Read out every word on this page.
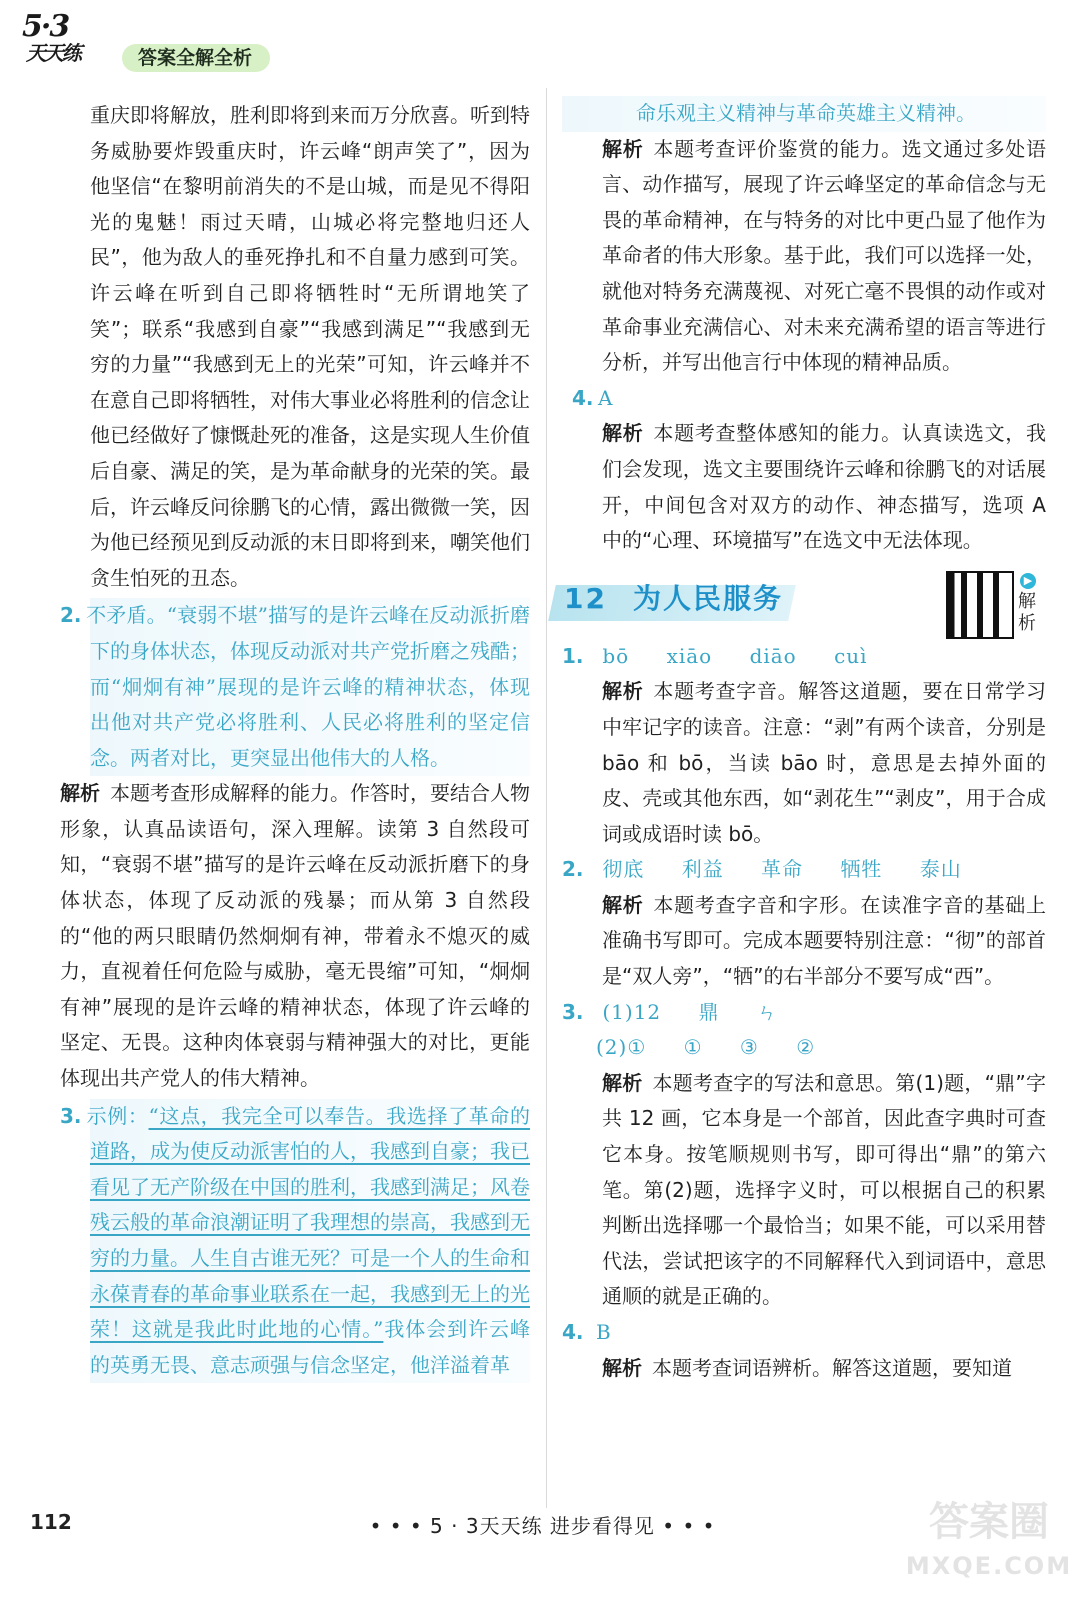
5·3
天天练	答案全解全析

重庆即将解放，胜利即将到来而万分欣喜。听到特务威胁要炸毁重庆时，许云峰“朗声笑了”，因为他坚信“在黎明前消失的不是山城，而是见不得阳光的鬼魅！雨过天晴，山城必将完整地归还人民”，他为敌人的垂死挣扎和不自量力感到可笑。许云峰在听到自己即将牺牲时“无所谓地笑了笑”；联系“我感到自豪”“我感到满足”“我感到无穷的力量”“我感到无上的光荣”可知，许云峰并不在意自己即将牺牲，对伟大事业必将胜利的信念让他已经做好了慷慨赴死的准备，这是实现人生价值后自豪、满足的笑，是为革命献身的光荣的笑。最后，许云峰反问徐鹏飞的心情，露出微微一笑，因为他已经预见到反动派的末日即将到来，嘲笑他们贪生怕死的丑态。

2. 不矛盾。“衰弱不堪”描写的是许云峰在反动派折磨下的身体状态，体现反动派对共产党折磨之残酷；而“炯炯有神”展现的是许云峰的精神状态，体现出他对共产党必将胜利、人民必将胜利的坚定信念。两者对比，更突显出他伟大的人格。

解析 本题考查形成解释的能力。作答时，要结合人物形象，认真品读语句，深入理解。读第 3 自然段可知，“衰弱不堪”描写的是许云峰在反动派折磨下的身体状态，体现了反动派的残暴；而从第 3 自然段的“他的两只眼睛仍然炯炯有神，带着永不熄灭的威力，直视着任何危险与威胁，毫无畏缩”可知，“炯炯有神”展现的是许云峰的精神状态，体现了许云峰的坚定、无畏。这种肉体衰弱与精神强大的对比，更能体现出共产党人的伟大精神。

3. 示例：“这点，我完全可以奉告。我选择了革命的道路，成为使反动派害怕的人，我感到自豪；我已看见了无产阶级在中国的胜利，我感到满足；风卷残云般的革命浪潮证明了我理想的崇高，我感到无穷的力量。人生自古谁无死？可是一个人的生命和永葆青春的革命事业联系在一起，我感到无上的光荣！这就是我此时此地的心情。”我体会到许云峰的英勇无畏、意志顽强与信念坚定，他洋溢着革

命乐观主义精神与革命英雄主义精神。

解析 本题考查评价鉴赏的能力。选文通过多处语言、动作描写，展现了许云峰坚定的革命信念与无畏的革命精神，在与特务的对比中更凸显了他作为革命者的伟大形象。基于此，我们可以选择一处，就他对特务充满蔑视、对死亡毫不畏惧的动作或对革命事业充满信心、对未来充满希望的语言等进行分析，并写出他言行中体现的精神品质。

4. A

解析 本题考查整体感知的能力。认真读选文，我们会发现，选文主要围绕许云峰和徐鹏飞的对话展开，中间包含对双方的动作、神态描写，选项 A 中的“心理、环境描写”在选文中无法体现。

12 为人民服务
▶
解析

1. bō xiāo diāo cuì

解析 本题考查字音。解答这道题，要在日常学习中牢记字的读音。注意：“剥”有两个读音，分别是 bāo 和 bō，当读 bāo 时，意思是去掉外面的皮、壳或其他东西，如“剥花生”“剥皮”，用于合成词或成语时读 bō。

2. 彻底 利益 革命 牺牲 泰山

解析 本题考查字音和字形。在读准字音的基础上准确书写即可。完成本题要特别注意：“彻”的部首是“双人旁”，“牺”的右半部分不要写成“西”。

3. (1)12 鼎 ㄣ

(2)① ① ③ ②

解析 本题考查字的写法和意思。第(1)题，“鼎”字共 12 画，它本身是一个部首，因此查字典时可查它本身。按笔顺规则书写，即可得出“鼎”的第六笔。第(2)题，选择字义时，可以根据自己的积累判断出选择哪一个最恰当；如果不能，可以采用替代法，尝试把该字的不同解释代入到词语中，意思通顺的就是正确的。

4. B

解析 本题考查词语辨析。解答这道题，要知道

112	• • • 5 · 3天天练 进步看得见 • • •	答案圈
MXQE.COM
